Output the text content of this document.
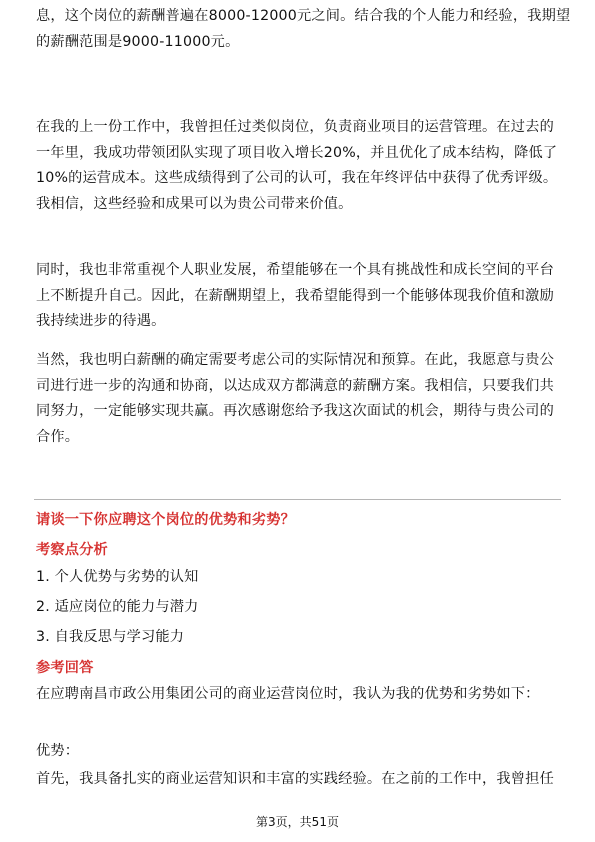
息，这个岗位的薪酬普遍在8000-12000元之间。结合我的个人能力和经验，我期望
的薪酬范围是9000-11000元。

在我的上一份工作中，我曾担任过类似岗位，负责商业项目的运营管理。在过去的
一年里，我成功带领团队实现了项目收入增长20%，并且优化了成本结构，降低了
10%的运营成本。这些成绩得到了公司的认可，我在年终评估中获得了优秀评级。
我相信，这些经验和成果可以为贵公司带来价值。

同时，我也非常重视个人职业发展，希望能够在一个具有挑战性和成长空间的平台
上不断提升自己。因此，在薪酬期望上，我希望能得到一个能够体现我价值和激励
我持续进步的待遇。

当然，我也明白薪酬的确定需要考虑公司的实际情况和预算。在此，我愿意与贵公
司进行进一步的沟通和协商，以达成双方都满意的薪酬方案。我相信，只要我们共
同努力，一定能够实现共赢。再次感谢您给予我这次面试的机会，期待与贵公司的
合作。

请谈一下你应聘这个岗位的优势和劣势？
考察点分析
1. 个人优势与劣势的认知
2. 适应岗位的能力与潜力
3. 自我反思与学习能力
参考回答
在应聘南昌市政公用集团公司的商业运营岗位时，我认为我的优势和劣势如下：
优势：
首先，我具备扎实的商业运营知识和丰富的实践经验。在之前的工作中，我曾担任
第3页，共51页
